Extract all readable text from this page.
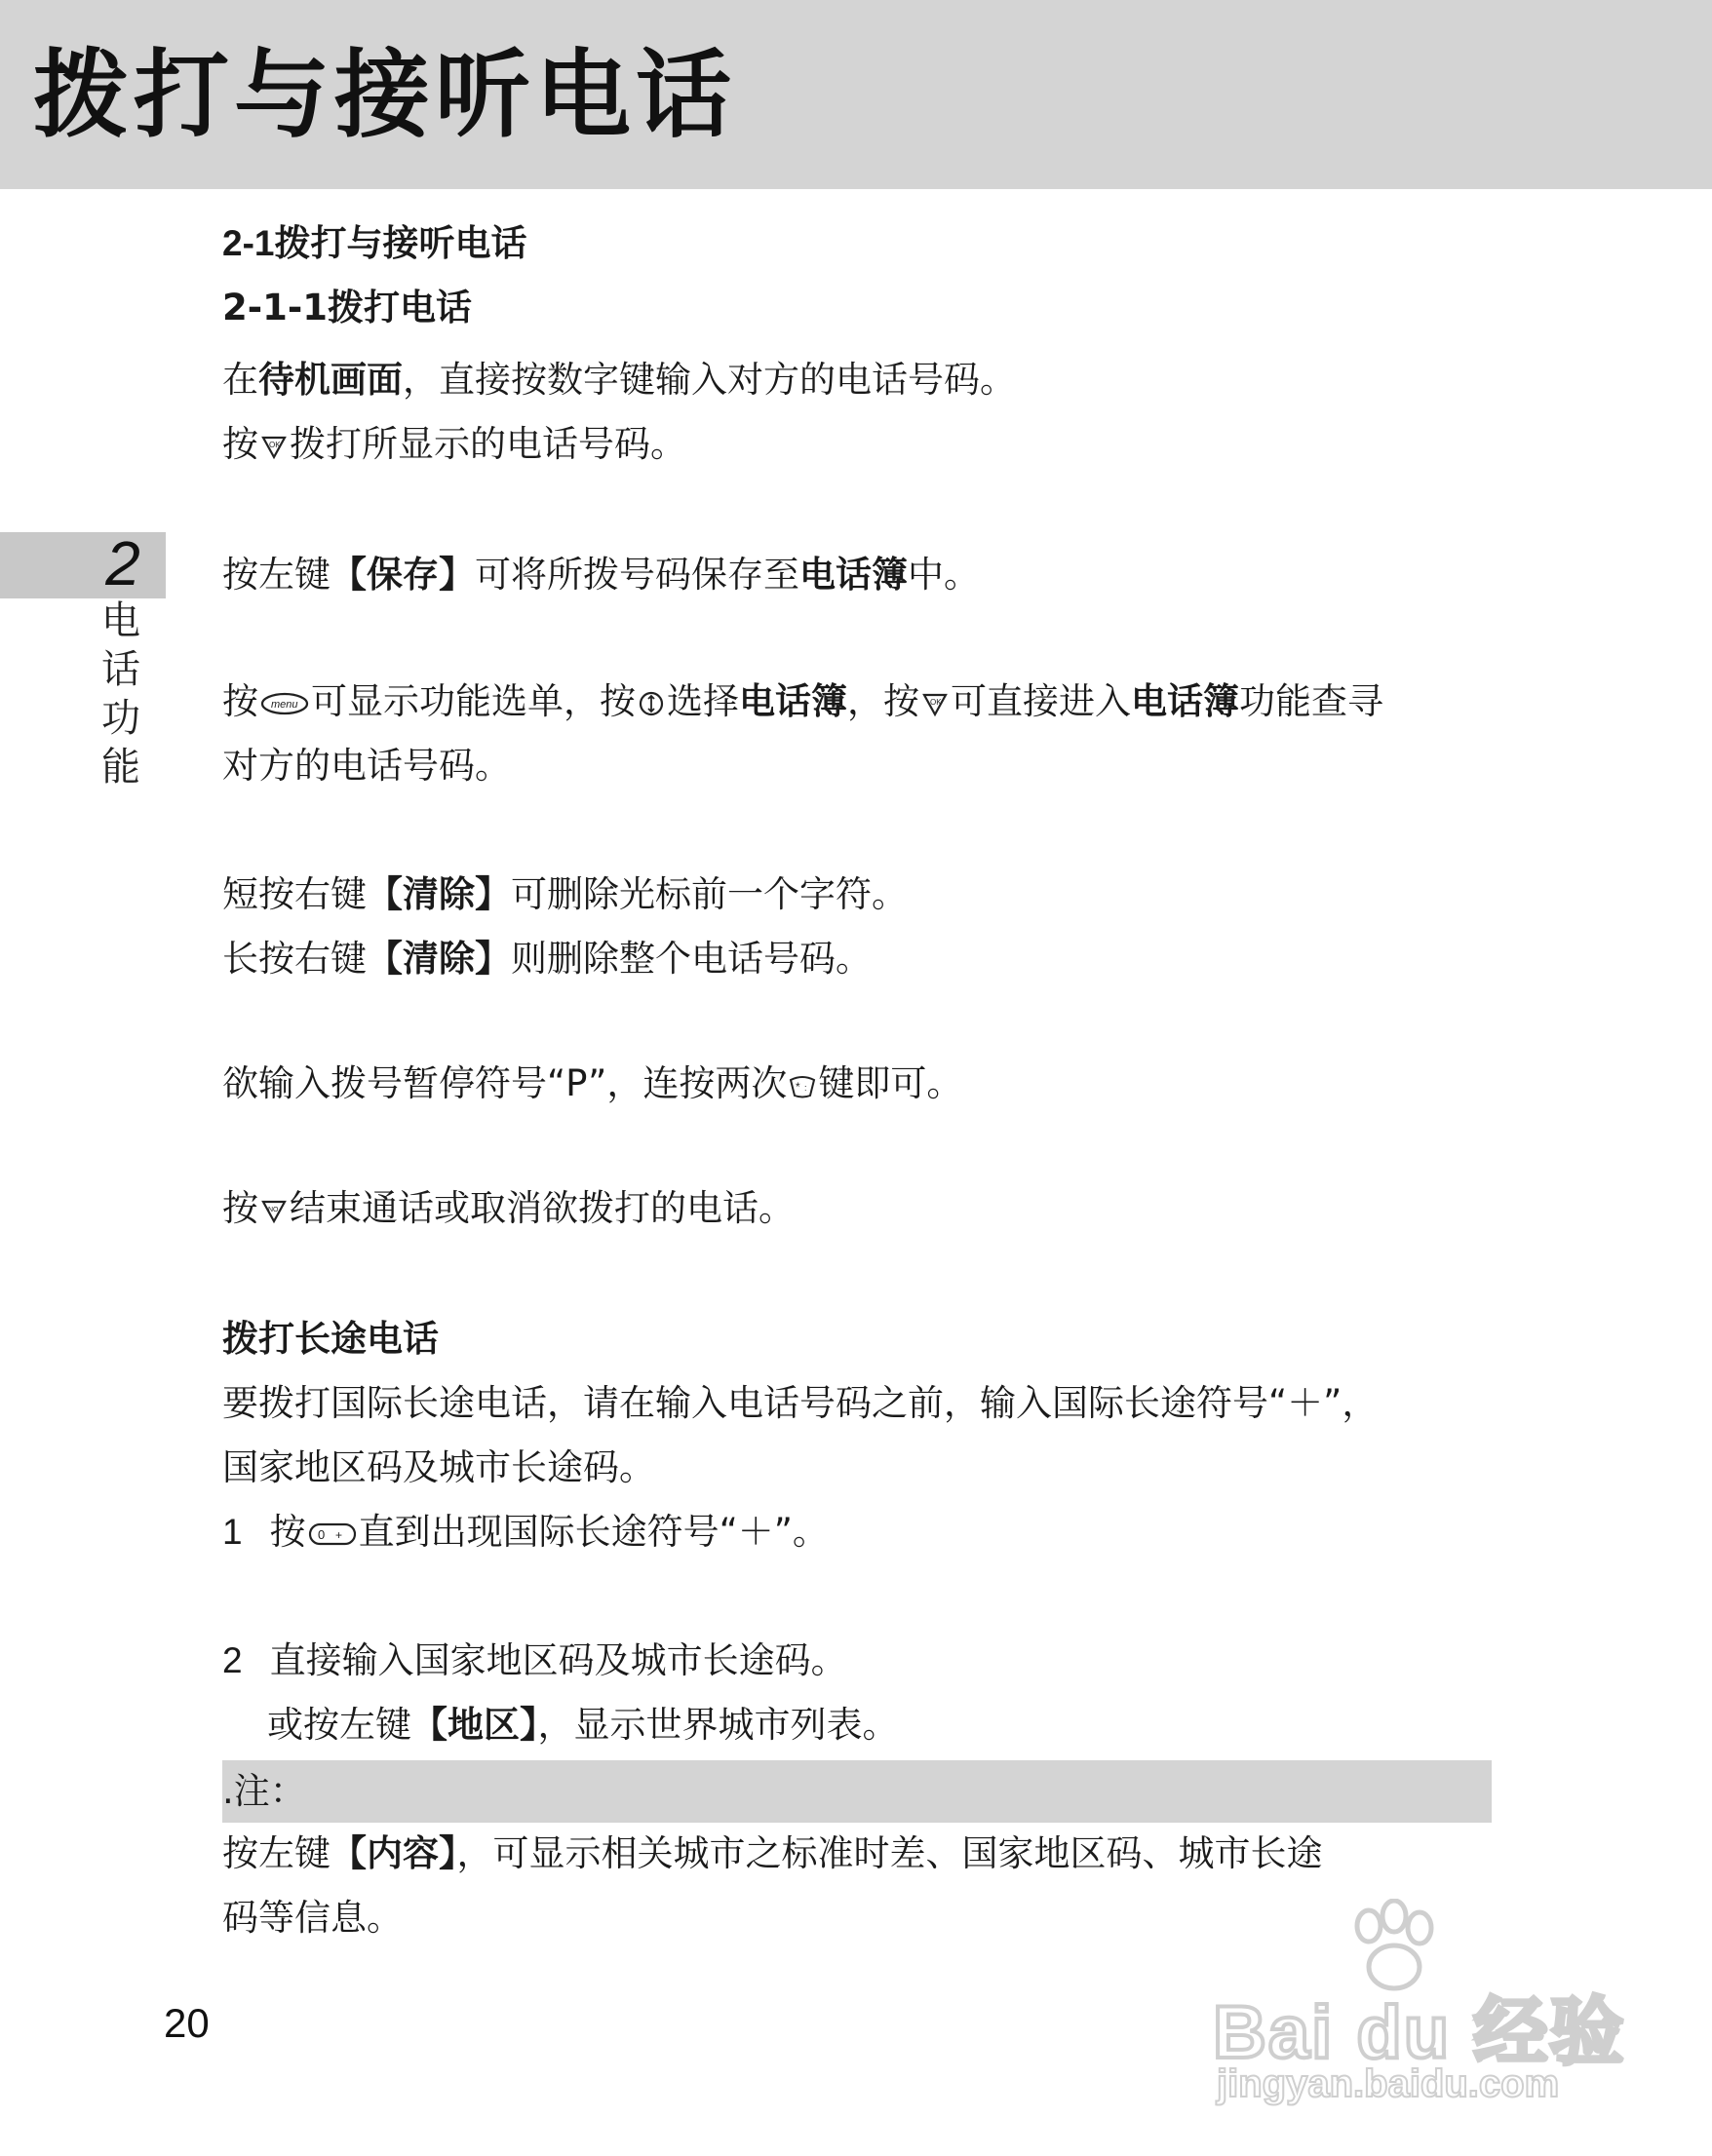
拨打与接听电话
2
电
话
功
能
2-1拨打与接听电话
2-1-1拨打电话
在待机画面，直接按数字键输入对方的电话号码。
按 OK 拨打所显示的电话号码。
按左键【保存】可将所拨号码保存至电话簿中。
按 menu 可显示功能选单，按 选择电话簿，按 OK 可直接进入电话簿功能查寻
对方的电话号码。
短按右键【清除】可删除光标前一个字符。
长按右键【清除】则删除整个电话号码。
欲输入拨号暂停符号“P”，连按两次 * : 键即可。
按 NO 结束通话或取消欲拨打的电话。
拨打长途电话
要拨打国际长途电话，请在输入电话号码之前，输入国际长途符号“＋”，
国家地区码及城市长途码。
1 按 0 + 直到出现国际长途符号“＋”。
2 直接输入国家地区码及城市长途码。
或按左键【地区】，显示世界城市列表。
.注：
按左键【内容】，可显示相关城市之标准时差、国家地区码、城市长途
码等信息。
20	Bai du 经验
jingyan.baidu.com
